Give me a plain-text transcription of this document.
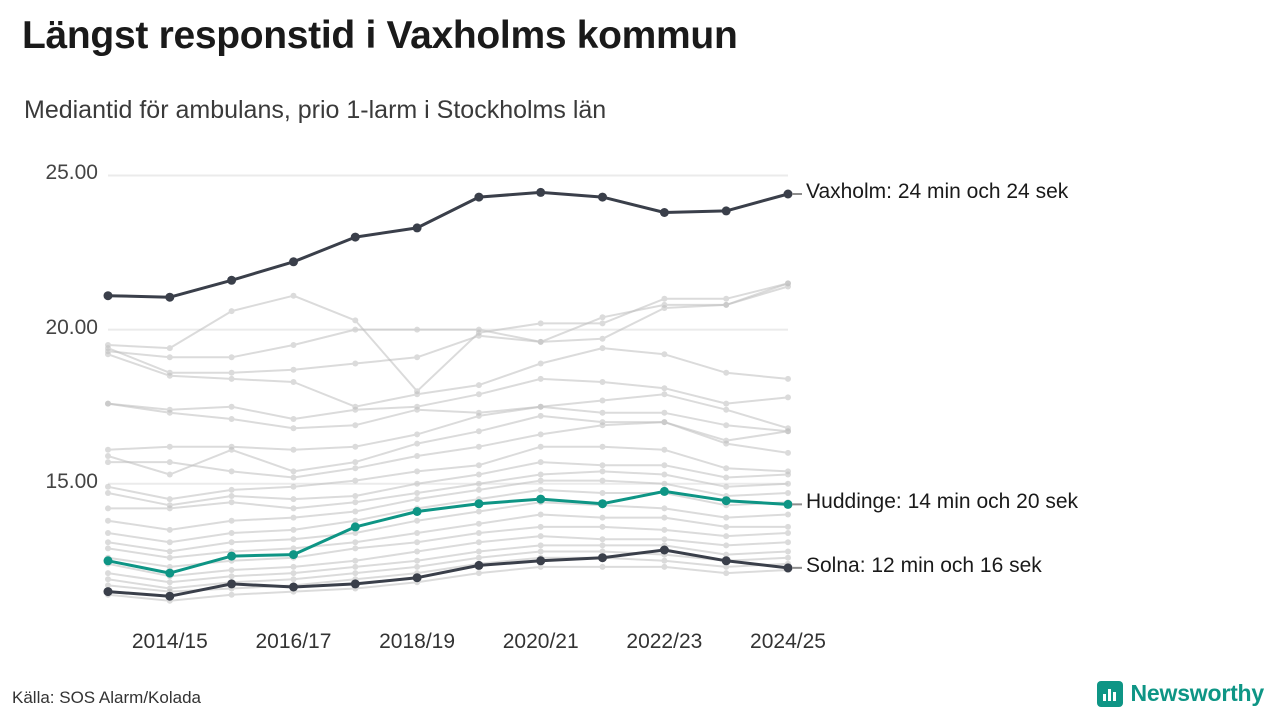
Längst responstid i Vaxholms kommun
Mediantid för ambulans, prio 1-larm i Stockholms län
15.00
20.00
25.00
2014/15 2016/17 2018/19 2020/21 2022/23 2024/25
Vaxholm: 24 min och 24 sek
Huddinge: 14 min och 20 sek
Solna: 12 min och 16 sek
Källa: SOS Alarm/Kolada	Newsworthy
